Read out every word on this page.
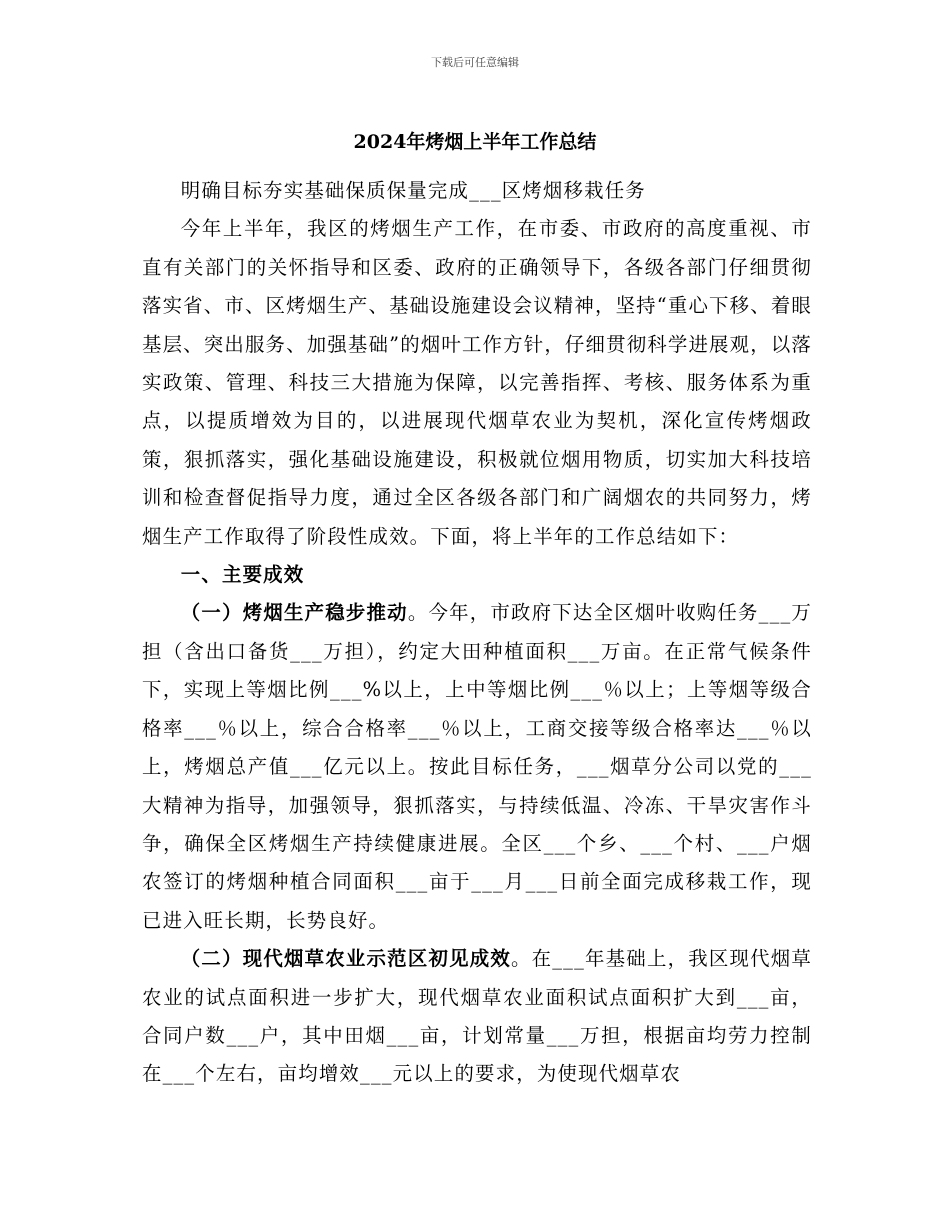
下载后可任意编辑
2024年烤烟上半年工作总结

明确目标夯实基础保质保量完成___区烤烟移栽任务

今年上半年，我区的烤烟生产工作，在市委、市政府的高度重视、市直有关部门的关怀指导和区委、政府的正确领导下，各级各部门仔细贯彻落实省、市、区烤烟生产、基础设施建设会议精神，坚持“重心下移、着眼基层、突出服务、加强基础”的烟叶工作方针，仔细贯彻科学进展观，以落实政策、管理、科技三大措施为保障，以完善指挥、考核、服务体系为重点，以提质增效为目的，以进展现代烟草农业为契机，深化宣传烤烟政策，狠抓落实，强化基础设施建设，积极就位烟用物质，切实加大科技培训和检查督促指导力度，通过全区各级各部门和广阔烟农的共同努力，烤烟生产工作取得了阶段性成效。下面，将上半年的工作总结如下：

一、主要成效

（一）烤烟生产稳步推动。今年，市政府下达全区烟叶收购任务___万担（含出口备货___万担），约定大田种植面积___万亩。在正常气候条件下，实现上等烟比例___%以上，上中等烟比例___％以上；上等烟等级合格率___％以上，综合合格率___％以上，工商交接等级合格率达___％以上，烤烟总产值___亿元以上。按此目标任务，___烟草分公司以党的___大精神为指导，加强领导，狠抓落实，与持续低温、冷冻、干旱灾害作斗争，确保全区烤烟生产持续健康进展。全区___个乡、___个村、___户烟农签订的烤烟种植合同面积___亩于___月___日前全面完成移栽工作，现已进入旺长期，长势良好。

（二）现代烟草农业示范区初见成效。在___年基础上，我区现代烟草农业的试点面积进一步扩大，现代烟草农业面积试点面积扩大到___亩，合同户数___户，其中田烟___亩，计划常量___万担，根据亩均劳力控制在___个左右，亩均增效___元以上的要求，为使现代烟草农
